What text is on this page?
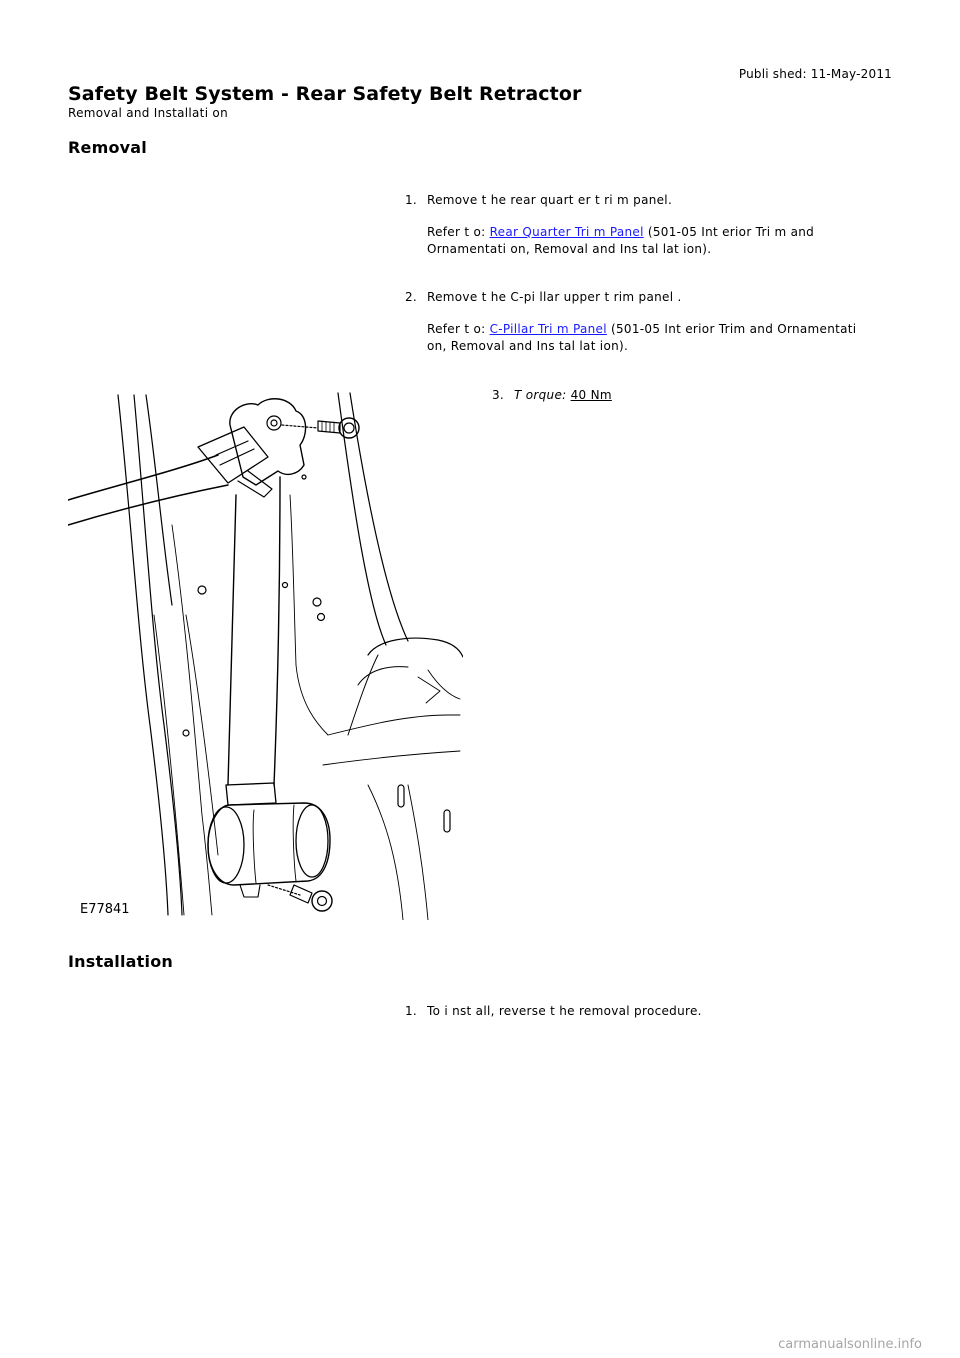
Publi shed: 11-May-2011
Safety Belt System - Rear Safety Belt Retractor
Removal and Installati on
Removal
1. Remove t he rear quart er t ri m panel.
Refer t o: Rear Quarter Tri m Panel (501-05 Int erior Tri m and Ornamentati on, Removal and Ins tal lat ion).
2. Remove t he C-pi llar upper t rim panel .
Refer t o: C-Pillar Tri m Panel (501-05 Int erior Trim and Ornamentati on, Removal and Ins tal lat ion).
3. T orque: 40 Nm
E77841
Installation
1. To i nst all, reverse t he removal procedure.
carmanualsonline.info
